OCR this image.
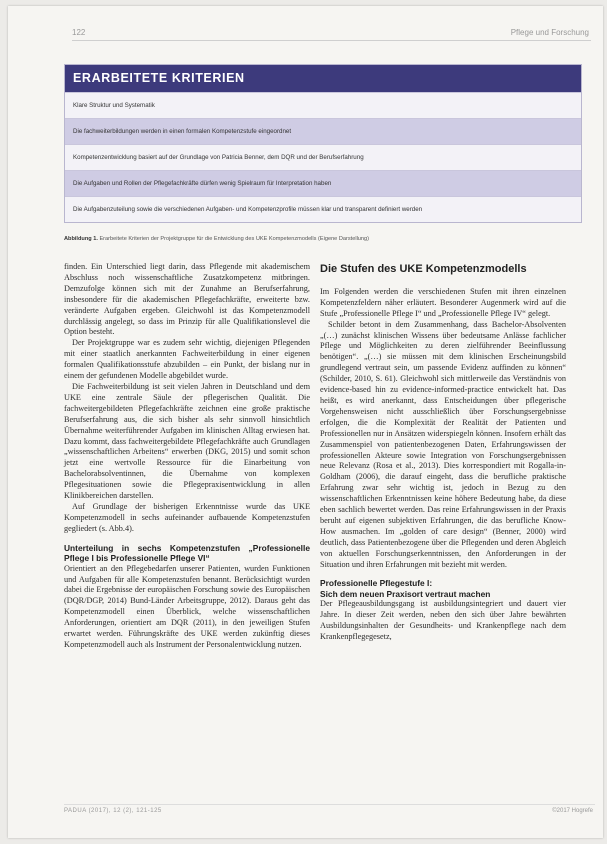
122	Pflege und Forschung
ERARBEITETE KRITERIEN
Klare Struktur und Systematik
Die fachweiterbildungen werden in einen formalen Kompetenzstufe eingeordnet
Kompetenzentwicklung basiert auf der Grundlage von Patricia Benner, dem DQR und der Berufserfahrung
Die Aufgaben und Rollen der Pflegefachkräfte dürfen wenig Spielraum für Interpretation haben
Die Aufgabenzuteilung sowie die verschiedenen Aufgaben- und Kompetenzprofile müssen klar und transparent definiert werden
Abbildung 1. Erarbeitete Kriterien der Projektgruppe für die Entwicklung des UKE Kompetenzmodells (Eigene Darstellung)

finden. Ein Unterschied liegt darin, dass Pflegende mit akademischem Abschluss noch wissenschaftliche Zusatzkompetenz mitbringen. Demzufolge können sich mit der Zunahme an Berufserfahrung, insbesondere für die akademischen Pflegefachkräfte, erweiterte bzw. veränderte Aufgaben ergeben. Gleichwohl ist das Kompetenzmodell durchlässig angelegt, so dass im Prinzip für alle Qualifikationslevel die Option besteht.

Der Projektgruppe war es zudem sehr wichtig, diejenigen Pflegenden mit einer staatlich anerkannten Fachweiterbildung in einer eigenen formalen Qualifikationsstufe abzubilden – ein Punkt, der bislang nur in einem der gefundenen Modelle abgebildet wurde.

Die Fachweiterbildung ist seit vielen Jahren in Deutschland und dem UKE eine zentrale Säule der pflegerischen Qualität. Die fachweitergebildeten Pflegefachkräfte zeichnen eine große praktische Berufserfahrung aus, die sich bisher als sehr sinnvoll hinsichtlich Übernahme weiterführender Aufgaben im klinischen Alltag erwiesen hat. Dazu kommt, dass fachweitergebildete Pflegefachkräfte auch Grundlagen „wissenschaftlichen Arbeitens“ erwerben (DKG, 2015) und somit schon jetzt eine wertvolle Ressource für die Einarbeitung von Bachelorabsolventinnen, die Übernahme von komplexen Pflegesituationen sowie die Pflegepraxisentwicklung in allen Klinikbereichen darstellen.

Auf Grundlage der bisherigen Erkenntnisse wurde das UKE Kompetenzmodell in sechs aufeinander aufbauende Kompetenzstufen gegliedert (s. Abb.4).

Unterteilung in sechs Kompetenzstufen „Professionelle Pflege I bis Professionelle Pflege VI“

Orientiert an den Pflegebedarfen unserer Patienten, wurden Funktionen und Aufgaben für alle Kompetenzstufen benannt. Berücksichtigt wurden dabei die Ergebnisse der europäischen Forschung sowie des Europäischen (DQR/DGP, 2014) Bund-Länder Arbeitsgruppe, 2012). Daraus geht das Kompetenzmodell einen Überblick, welche wissenschaftlichen Anforderungen, orientiert am DQR (2011), in den jeweiligen Stufen erwartet werden. Führungskräfte des UKE werden zukünftig dieses Kompetenzmodell auch als Instrument der Personalentwicklung nutzen.

Die Stufen des UKE Kompetenzmodells

Im Folgenden werden die verschiedenen Stufen mit ihren einzelnen Kompetenzfeldern näher erläutert. Besonderer Augenmerk wird auf die Stufe „Professionelle Pflege I“ und „Professionelle Pflege IV“ gelegt.

Schilder betont in dem Zusammenhang, dass Bachelor-Absolventen „(…) zunächst klinischen Wissens über bedeutsame Anlässe fachlicher Pflege und Möglichkeiten zu deren zielführender Beeinflussung benötigen“. „(…) sie müssen mit dem klinischen Erscheinungsbild grundlegend vertraut sein, um passende Evidenz auffinden zu können“ (Schilder, 2010, S. 61). Gleichwohl sich mittlerweile das Verständnis von evidence-based hin zu evidence-informed-practice entwickelt hat. Das heißt, es wird anerkannt, dass Entscheidungen über pflegerische Vorgehensweisen nicht ausschließlich über Forschungsergebnisse erfolgen, die die Komplexität der Realität der Patienten und Professionellen nur in Ansätzen widerspiegeln können. Insofern erhält das Zusammenspiel von patientenbezogenen Daten, Erfahrungswissen der professionellen Akteure sowie Integration von Forschungsergebnissen neue Relevanz (Rosa et al., 2013). Dies korrespondiert mit Rogalla-in-Goldham (2006), die darauf eingeht, dass die berufliche praktische Erfahrung zwar sehr wichtig ist, jedoch in Bezug zu den wissenschaftlichen Erkenntnissen keine höhere Bedeutung habe, da diese eben sachlich bewertet werden. Das reine Erfahrungswissen in der Praxis beruht auf eigenen subjektiven Erfahrungen, die das berufliche Know-How ausmachen. Im „golden of care design“ (Benner, 2000) wird deutlich, dass Patientenbezogene über die Pflegenden und deren Abgleich von aktuellen Forschungserkenntnissen, den Anforderungen in der Situation und ihren Erfahrungen mit bezieht mit werden.

Professionelle Pflegestufe I:
Sich dem neuen Praxisort vertraut machen

Der Pflegeausbildungsgang ist ausbildungsintegriert und dauert vier Jahre. In dieser Zeit werden, neben den sich über Jahre bewährten Ausbildungsinhalten der Gesundheits- und Krankenpflege nach dem Krankenpflegegesetz,

PADUA (2017), 12 (2), 121-125	©2017 Hogrefe
